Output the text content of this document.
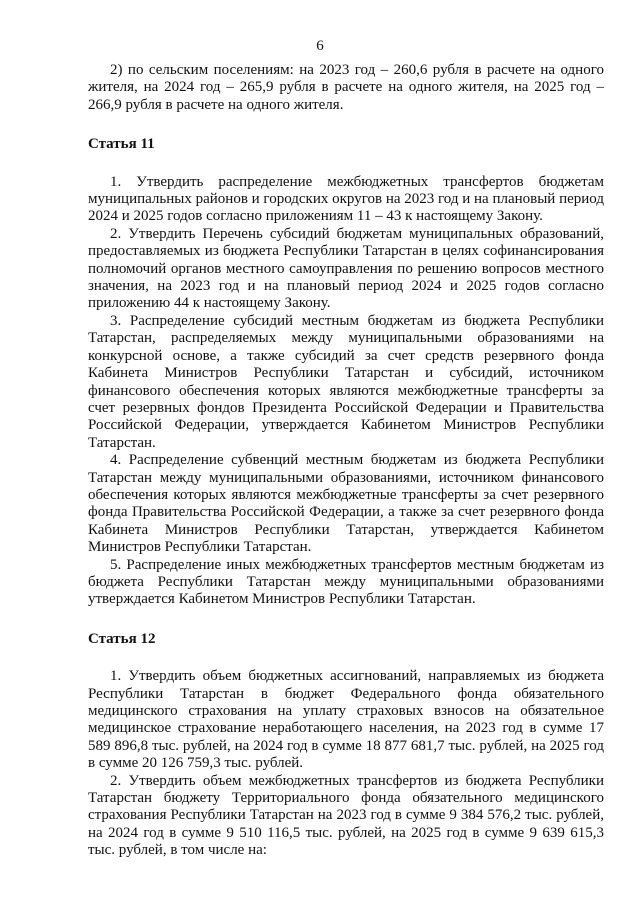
6

2) по сельским поселениям: на 2023 год – 260,6 рубля в расчете на одного жителя, на 2024 год – 265,9 рубля в расчете на одного жителя, на 2025 год – 266,9 рубля в расчете на одного жителя.

Статья 11

1. Утвердить распределение межбюджетных трансфертов бюджетам муниципальных районов и городских округов на 2023 год и на плановый период 2024 и 2025 годов согласно приложениям 11 – 43 к настоящему Закону.

2. Утвердить Перечень субсидий бюджетам муниципальных образований, предоставляемых из бюджета Республики Татарстан в целях софинансирования полномочий органов местного самоуправления по решению вопросов местного значения, на 2023 год и на плановый период 2024 и 2025 годов согласно приложению 44 к настоящему Закону.

3. Распределение субсидий местным бюджетам из бюджета Республики Татарстан, распределяемых между муниципальными образованиями на конкурсной основе, а также субсидий за счет средств резервного фонда Кабинета Министров Республики Татарстан и субсидий, источником финансового обеспечения которых являются межбюджетные трансферты за счет резервных фондов Президента Российской Федерации и Правительства Российской Федерации, утверждается Кабинетом Министров Республики Татарстан.

4. Распределение субвенций местным бюджетам из бюджета Республики Татарстан между муниципальными образованиями, источником финансового обеспечения которых являются межбюджетные трансферты за счет резервного фонда Правительства Российской Федерации, а также за счет резервного фонда Кабинета Министров Республики Татарстан, утверждается Кабинетом Министров Республики Татарстан.

5. Распределение иных межбюджетных трансфертов местным бюджетам из бюджета Республики Татарстан между муниципальными образованиями утверждается Кабинетом Министров Республики Татарстан.

Статья 12

1. Утвердить объем бюджетных ассигнований, направляемых из бюджета Республики Татарстан в бюджет Федерального фонда обязательного медицинского страхования на уплату страховых взносов на обязательное медицинское страхование неработающего населения, на 2023 год в сумме 17 589 896,8 тыс. рублей, на 2024 год в сумме 18 877 681,7 тыс. рублей, на 2025 год в сумме 20 126 759,3 тыс. рублей.

2. Утвердить объем межбюджетных трансфертов из бюджета Республики Татарстан бюджету Территориального фонда обязательного медицинского страхования Республики Татарстан на 2023 год в сумме 9 384 576,2 тыс. рублей, на 2024 год в сумме 9 510 116,5 тыс. рублей, на 2025 год в сумме 9 639 615,3 тыс. рублей, в том числе на:
